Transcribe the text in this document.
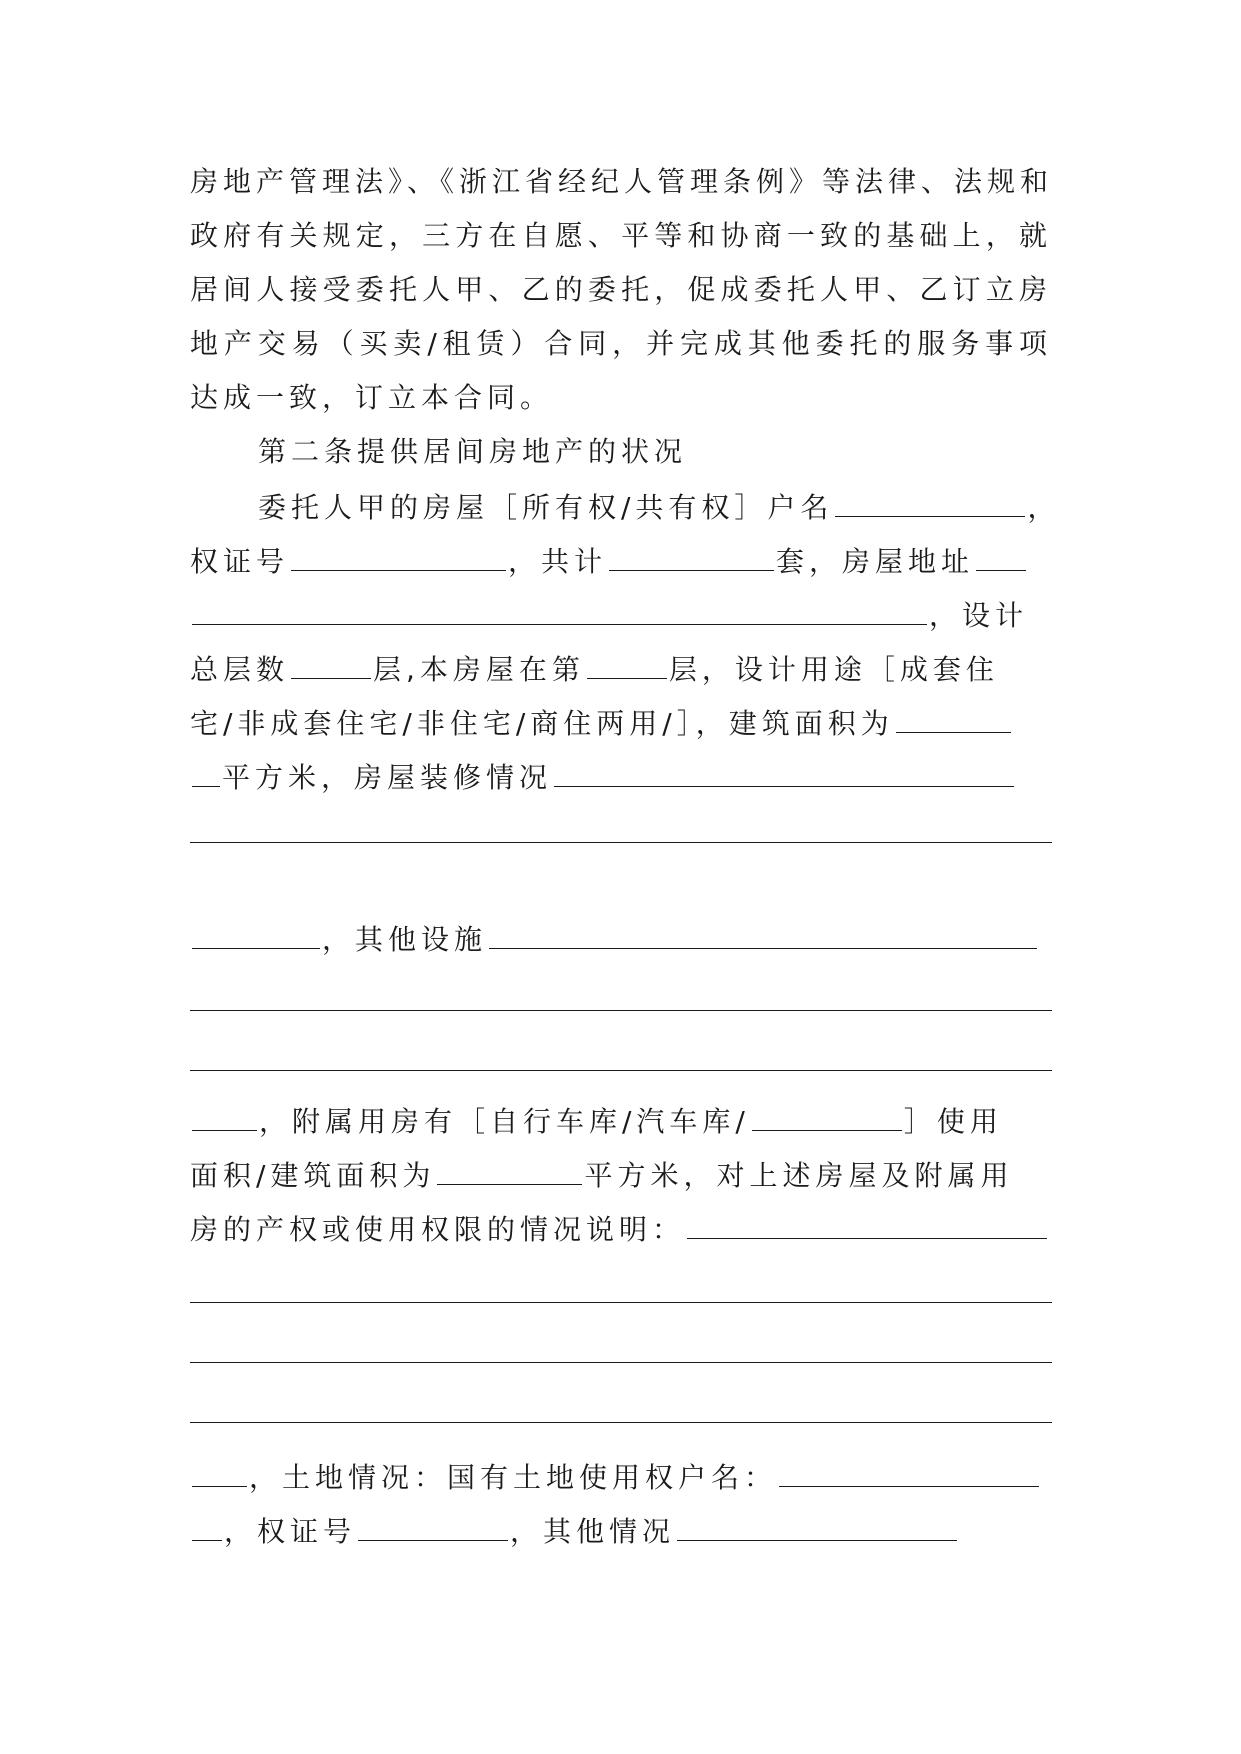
房地产管理法》、《浙江省经纪人管理条例》等法律、法规和
政府有关规定，三方在自愿、平等和协商一致的基础上，就
居间人接受委托人甲、乙的委托，促成委托人甲、乙订立房
地产交易（买卖/租赁）合同，并完成其他委托的服务事项
达成一致，订立本合同。
第二条提供居间房地产的状况
委托人甲的房屋［所有权/共有权］户名	，
权证号	，共计	套，房屋地址
，设计
总层数	层,本房屋在第	层，设计用途［成套住
宅/非成套住宅/非住宅/商住两用/］，建筑面积为
平方米，房屋装修情况
，其他设施
，附属用房有［自行车库/汽车库/	］使用
面积/建筑面积为	平方米，对上述房屋及附属用
房的产权或使用权限的情况说明：
，土地情况：国有土地使用权户名：
，权证号	，其他情况
